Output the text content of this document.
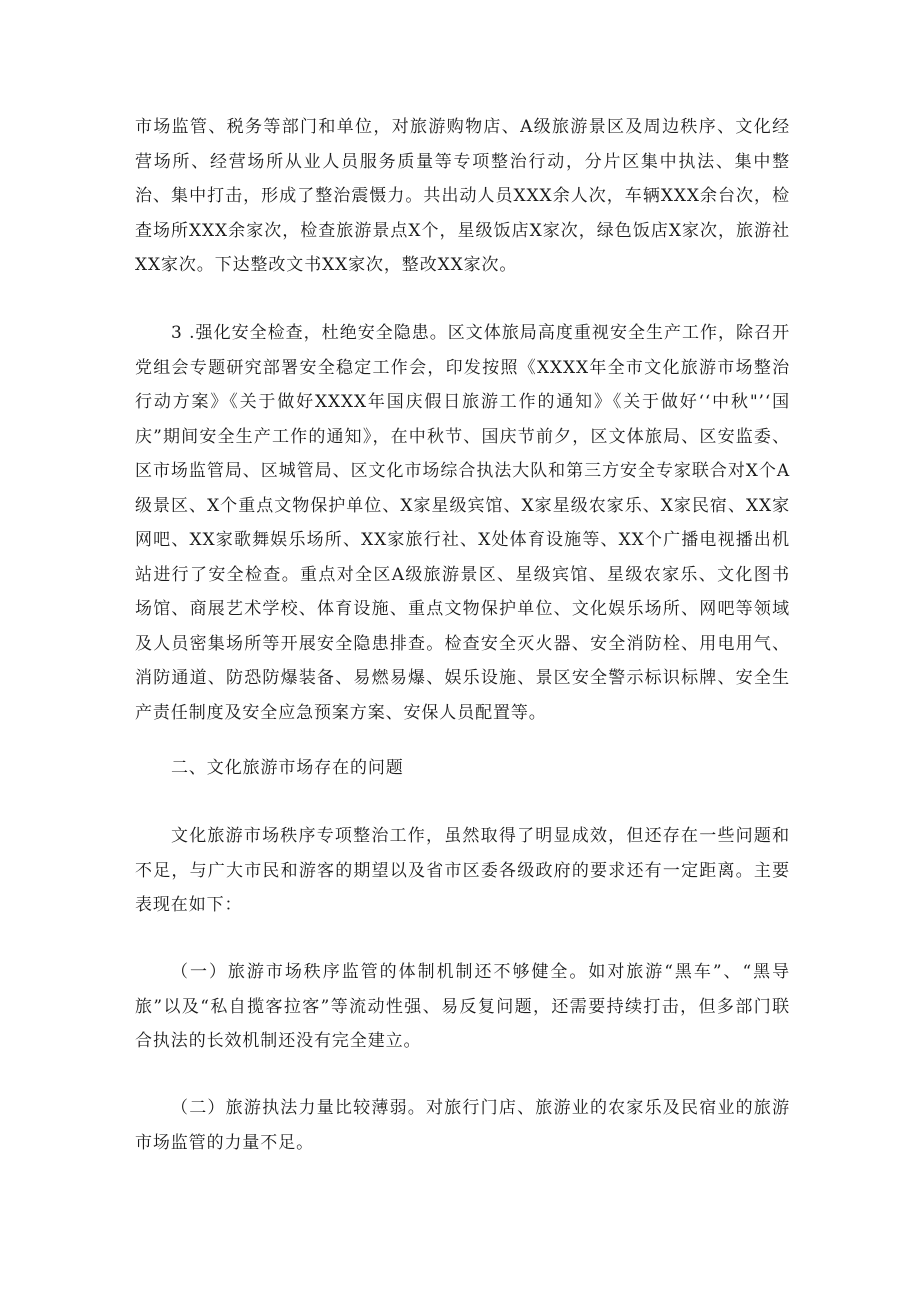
市场监管、税务等部门和单位，对旅游购物店、A级旅游景区及周边秩序、文化经营场所、经营场所从业人员服务质量等专项整治行动，分片区集中执法、集中整治、集中打击，形成了整治震慑力。共出动人员XXX余人次，车辆XXX余台次，检查场所XXX余家次，检查旅游景点X个，星级饭店X家次，绿色饭店X家次，旅游社XX家次。下达整改文书XX家次，整改XX家次。

3 .强化安全检查，杜绝安全隐患。区文体旅局高度重视安全生产工作，除召开党组会专题研究部署安全稳定工作会，印发按照《XXXX年全市文化旅游市场整治行动方案》《关于做好XXXX年国庆假日旅游工作的通知》《关于做好‘‘中秋"’‘国庆”期间安全生产工作的通知》，在中秋节、国庆节前夕，区文体旅局、区安监委、区市场监管局、区城管局、区文化市场综合执法大队和第三方安全专家联合对X个A级景区、X个重点文物保护单位、X家星级宾馆、X家星级农家乐、X家民宿、XX家网吧、XX家歌舞娱乐场所、XX家旅行社、X处体育设施等、XX个广播电视播出机站进行了安全检查。重点对全区A级旅游景区、星级宾馆、星级农家乐、文化图书场馆、商展艺术学校、体育设施、重点文物保护单位、文化娱乐场所、网吧等领域及人员密集场所等开展安全隐患排查。检查安全灭火器、安全消防栓、用电用气、消防通道、防恐防爆装备、易燃易爆、娱乐设施、景区安全警示标识标牌、安全生产责任制度及安全应急预案方案、安保人员配置等。

二、文化旅游市场存在的问题

文化旅游市场秩序专项整治工作，虽然取得了明显成效，但还存在一些问题和不足，与广大市民和游客的期望以及省市区委各级政府的要求还有一定距离。主要表现在如下：

（一）旅游市场秩序监管的体制机制还不够健全。如对旅游“黑车”、“黑导旅”以及“私自揽客拉客”等流动性强、易反复问题，还需要持续打击，但多部门联合执法的长效机制还没有完全建立。

（二）旅游执法力量比较薄弱。对旅行门店、旅游业的农家乐及民宿业的旅游市场监管的力量不足。
